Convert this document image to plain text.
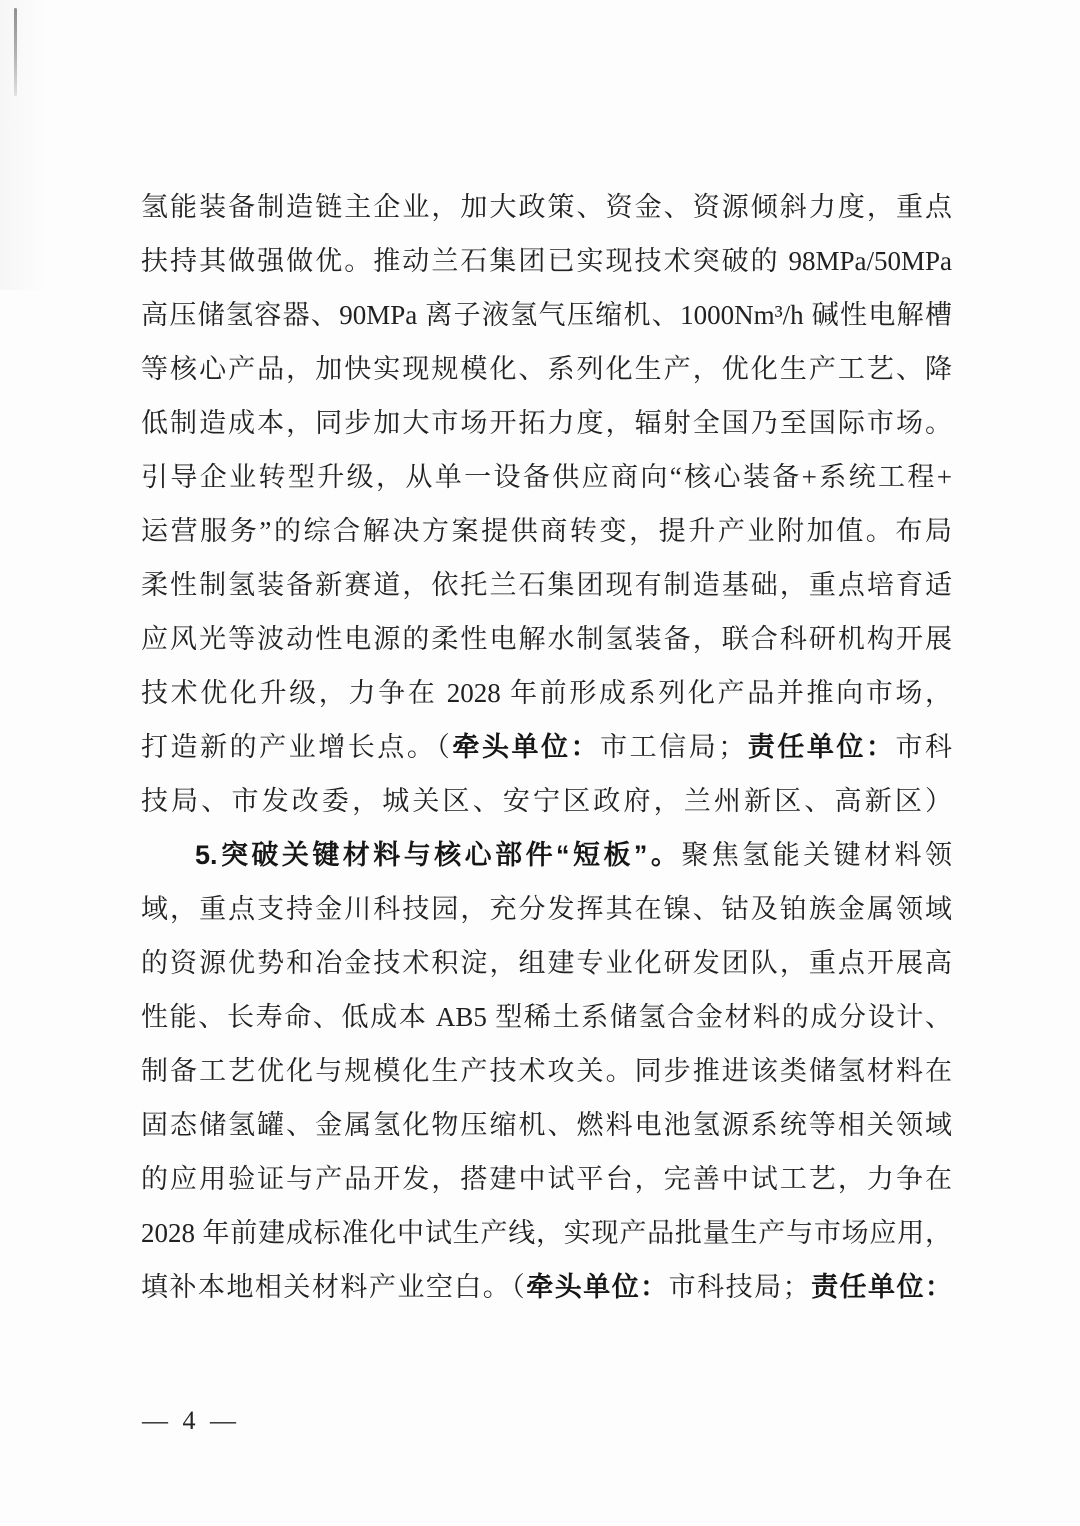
氢能装备制造链主企业，加大政策、资金、资源倾斜力度，重点
扶持其做强做优。推动兰石集团已实现技术突破的 98MPa/50MPa
高压储氢容器、90MPa 离子液氢气压缩机、1000Nm³/h 碱性电解槽
等核心产品，加快实现规模化、系列化生产，优化生产工艺、降
低制造成本，同步加大市场开拓力度，辐射全国乃至国际市场。
引导企业转型升级，从单一设备供应商向“核心装备+系统工程+
运营服务”的综合解决方案提供商转变，提升产业附加值。布局
柔性制氢装备新赛道，依托兰石集团现有制造基础，重点培育适
应风光等波动性电源的柔性电解水制氢装备，联合科研机构开展
技术优化升级，力争在 2028 年前形成系列化产品并推向市场，
打造新的产业增长点。（牵头单位：市工信局；责任单位：市科
技局、市发改委，城关区、安宁区政府，兰州新区、高新区）
5.突破关键材料与核心部件“短板”。聚焦氢能关键材料领
域，重点支持金川科技园，充分发挥其在镍、钴及铂族金属领域
的资源优势和冶金技术积淀，组建专业化研发团队，重点开展高
性能、长寿命、低成本 AB5 型稀土系储氢合金材料的成分设计、
制备工艺优化与规模化生产技术攻关。同步推进该类储氢材料在
固态储氢罐、金属氢化物压缩机、燃料电池氢源系统等相关领域
的应用验证与产品开发，搭建中试平台，完善中试工艺，力争在
2028 年前建成标准化中试生产线，实现产品批量生产与市场应用，
填补本地相关材料产业空白。（牵头单位：市科技局；责任单位：
— 4 —
